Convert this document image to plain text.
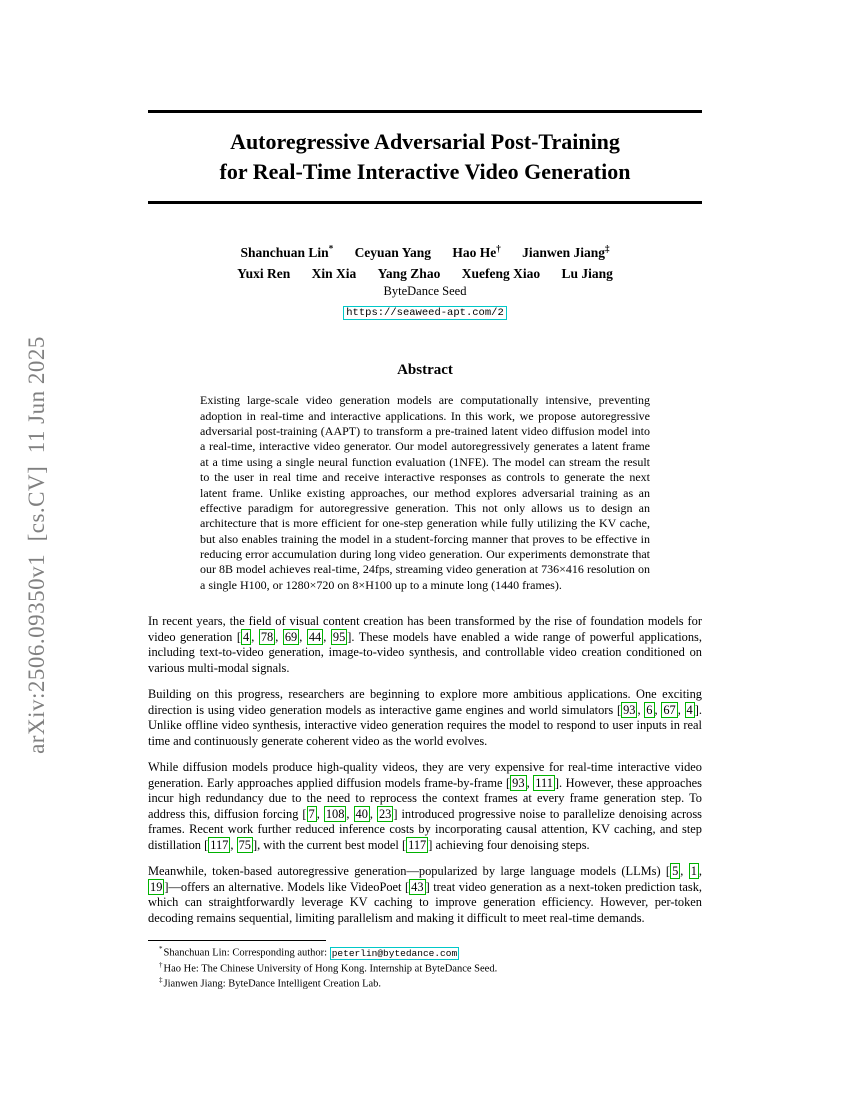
arXiv:2506.09350v1  [cs.CV]  11 Jun 2025
Autoregressive Adversarial Post-Training
for Real-Time Interactive Video Generation
Shanchuan Lin* Ceyuan Yang Hao He† Jianwen Jiang‡
Yuxi Ren Xin Xia Yang Zhao Xuefeng Xiao Lu Jiang
ByteDance Seed
https://seaweed-apt.com/2
Abstract

Existing large-scale video generation models are computationally intensive, preventing adoption in real-time and interactive applications. In this work, we propose autoregressive adversarial post-training (AAPT) to transform a pre-trained latent video diffusion model into a real-time, interactive video generator. Our model autoregressively generates a latent frame at a time using a single neural function evaluation (1NFE). The model can stream the result to the user in real time and receive interactive responses as controls to generate the next latent frame. Unlike existing approaches, our method explores adversarial training as an effective paradigm for autoregressive generation. This not only allows us to design an architecture that is more efficient for one-step generation while fully utilizing the KV cache, but also enables training the model in a student-forcing manner that proves to be effective in reducing error accumulation during long video generation. Our experiments demonstrate that our 8B model achieves real-time, 24fps, streaming video generation at 736×416 resolution on a single H100, or 1280×720 on 8×H100 up to a minute long (1440 frames).

In recent years, the field of visual content creation has been transformed by the rise of foundation models for video generation [ 4 , 78 , 69 , 44 , 95 ]. These models have enabled a wide range of powerful applications, including text-to-video generation, image-to-video synthesis, and controllable video creation conditioned on various multi-modal signals.

Building on this progress, researchers are beginning to explore more ambitious applications. One exciting direction is using video generation models as interactive game engines and world simulators [ 93 , 6 , 67 , 4 ]. Unlike offline video synthesis, interactive video generation requires the model to respond to user inputs in real time and continuously generate coherent video as the world evolves.

While diffusion models produce high-quality videos, they are very expensive for real-time interactive video generation. Early approaches applied diffusion models frame-by-frame [ 93 , 111 ]. However, these approaches incur high redundancy due to the need to reprocess the context frames at every frame generation step. To address this, diffusion forcing [ 7 , 108 , 40 , 23 ] introduced progressive noise to parallelize denoising across frames. Recent work further reduced inference costs by incorporating causal attention, KV caching, and step distillation [ 117 , 75 ], with the current best model [ 117 ] achieving four denoising steps.

Meanwhile, token-based autoregressive generation—popularized by large language models (LLMs) [ 5 , 1 , 19 ]—offers an alternative. Models like VideoPoet [ 43 ] treat video generation as a next-token prediction task, which can straightforwardly leverage KV caching to improve generation efficiency. However, per-token decoding remains sequential, limiting parallelism and making it difficult to meet real-time demands.

*Shanchuan Lin: Corresponding author: peterlin@bytedance.com

†Hao He: The Chinese University of Hong Kong. Internship at ByteDance Seed.

‡Jianwen Jiang: ByteDance Intelligent Creation Lab.
